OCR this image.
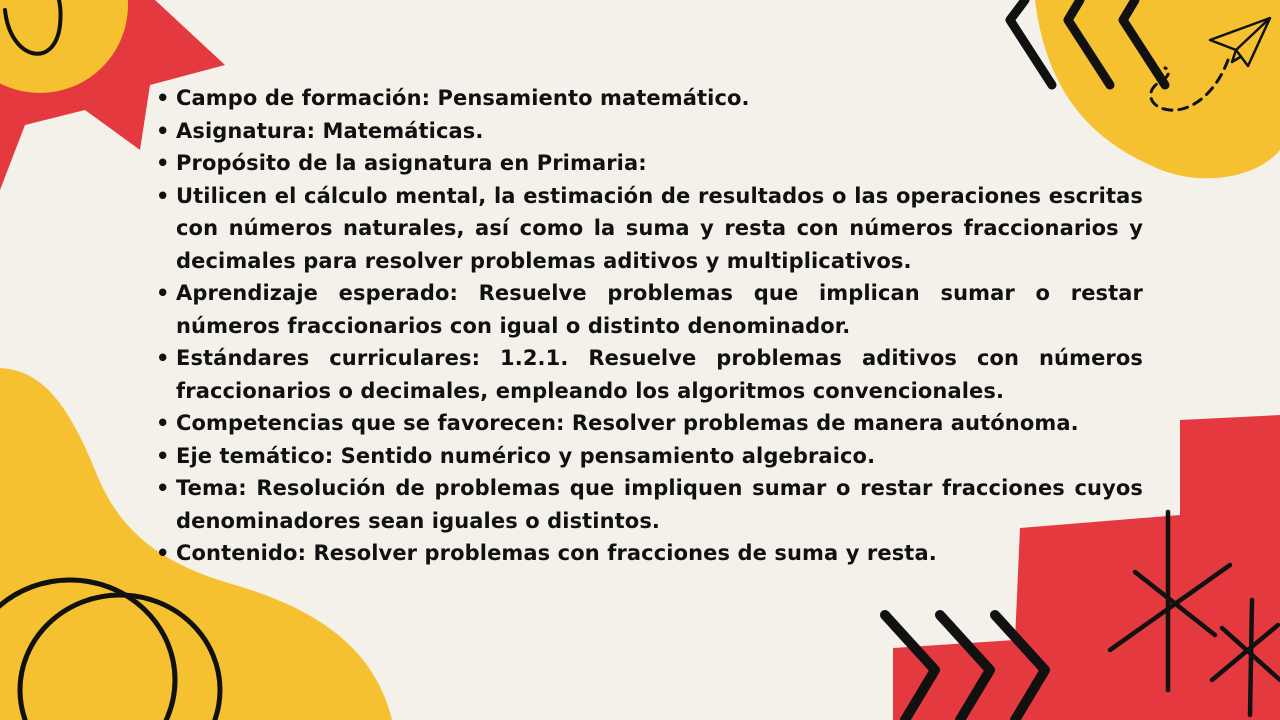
• Campo de formación: Pensamiento matemático.
• Asignatura: Matemáticas.
• Propósito de la asignatura en Primaria:
• Utilicen el cálculo mental, la estimación de resultados o las operaciones escritas con números naturales, así como la suma y resta con números fraccionarios y decimales para resolver problemas aditivos y multiplicativos.
• Aprendizaje esperado: Resuelve problemas que implican sumar o restar números fraccionarios con igual o distinto denominador.
• Estándares curriculares: 1.2.1. Resuelve problemas aditivos con números fraccionarios o decimales, empleando los algoritmos convencionales.
• Competencias que se favorecen: Resolver problemas de manera autónoma.
• Eje temático: Sentido numérico y pensamiento algebraico.
• Tema: Resolución de problemas que impliquen sumar o restar fracciones cuyos denominadores sean iguales o distintos.
• Contenido: Resolver problemas con fracciones de suma y resta.
